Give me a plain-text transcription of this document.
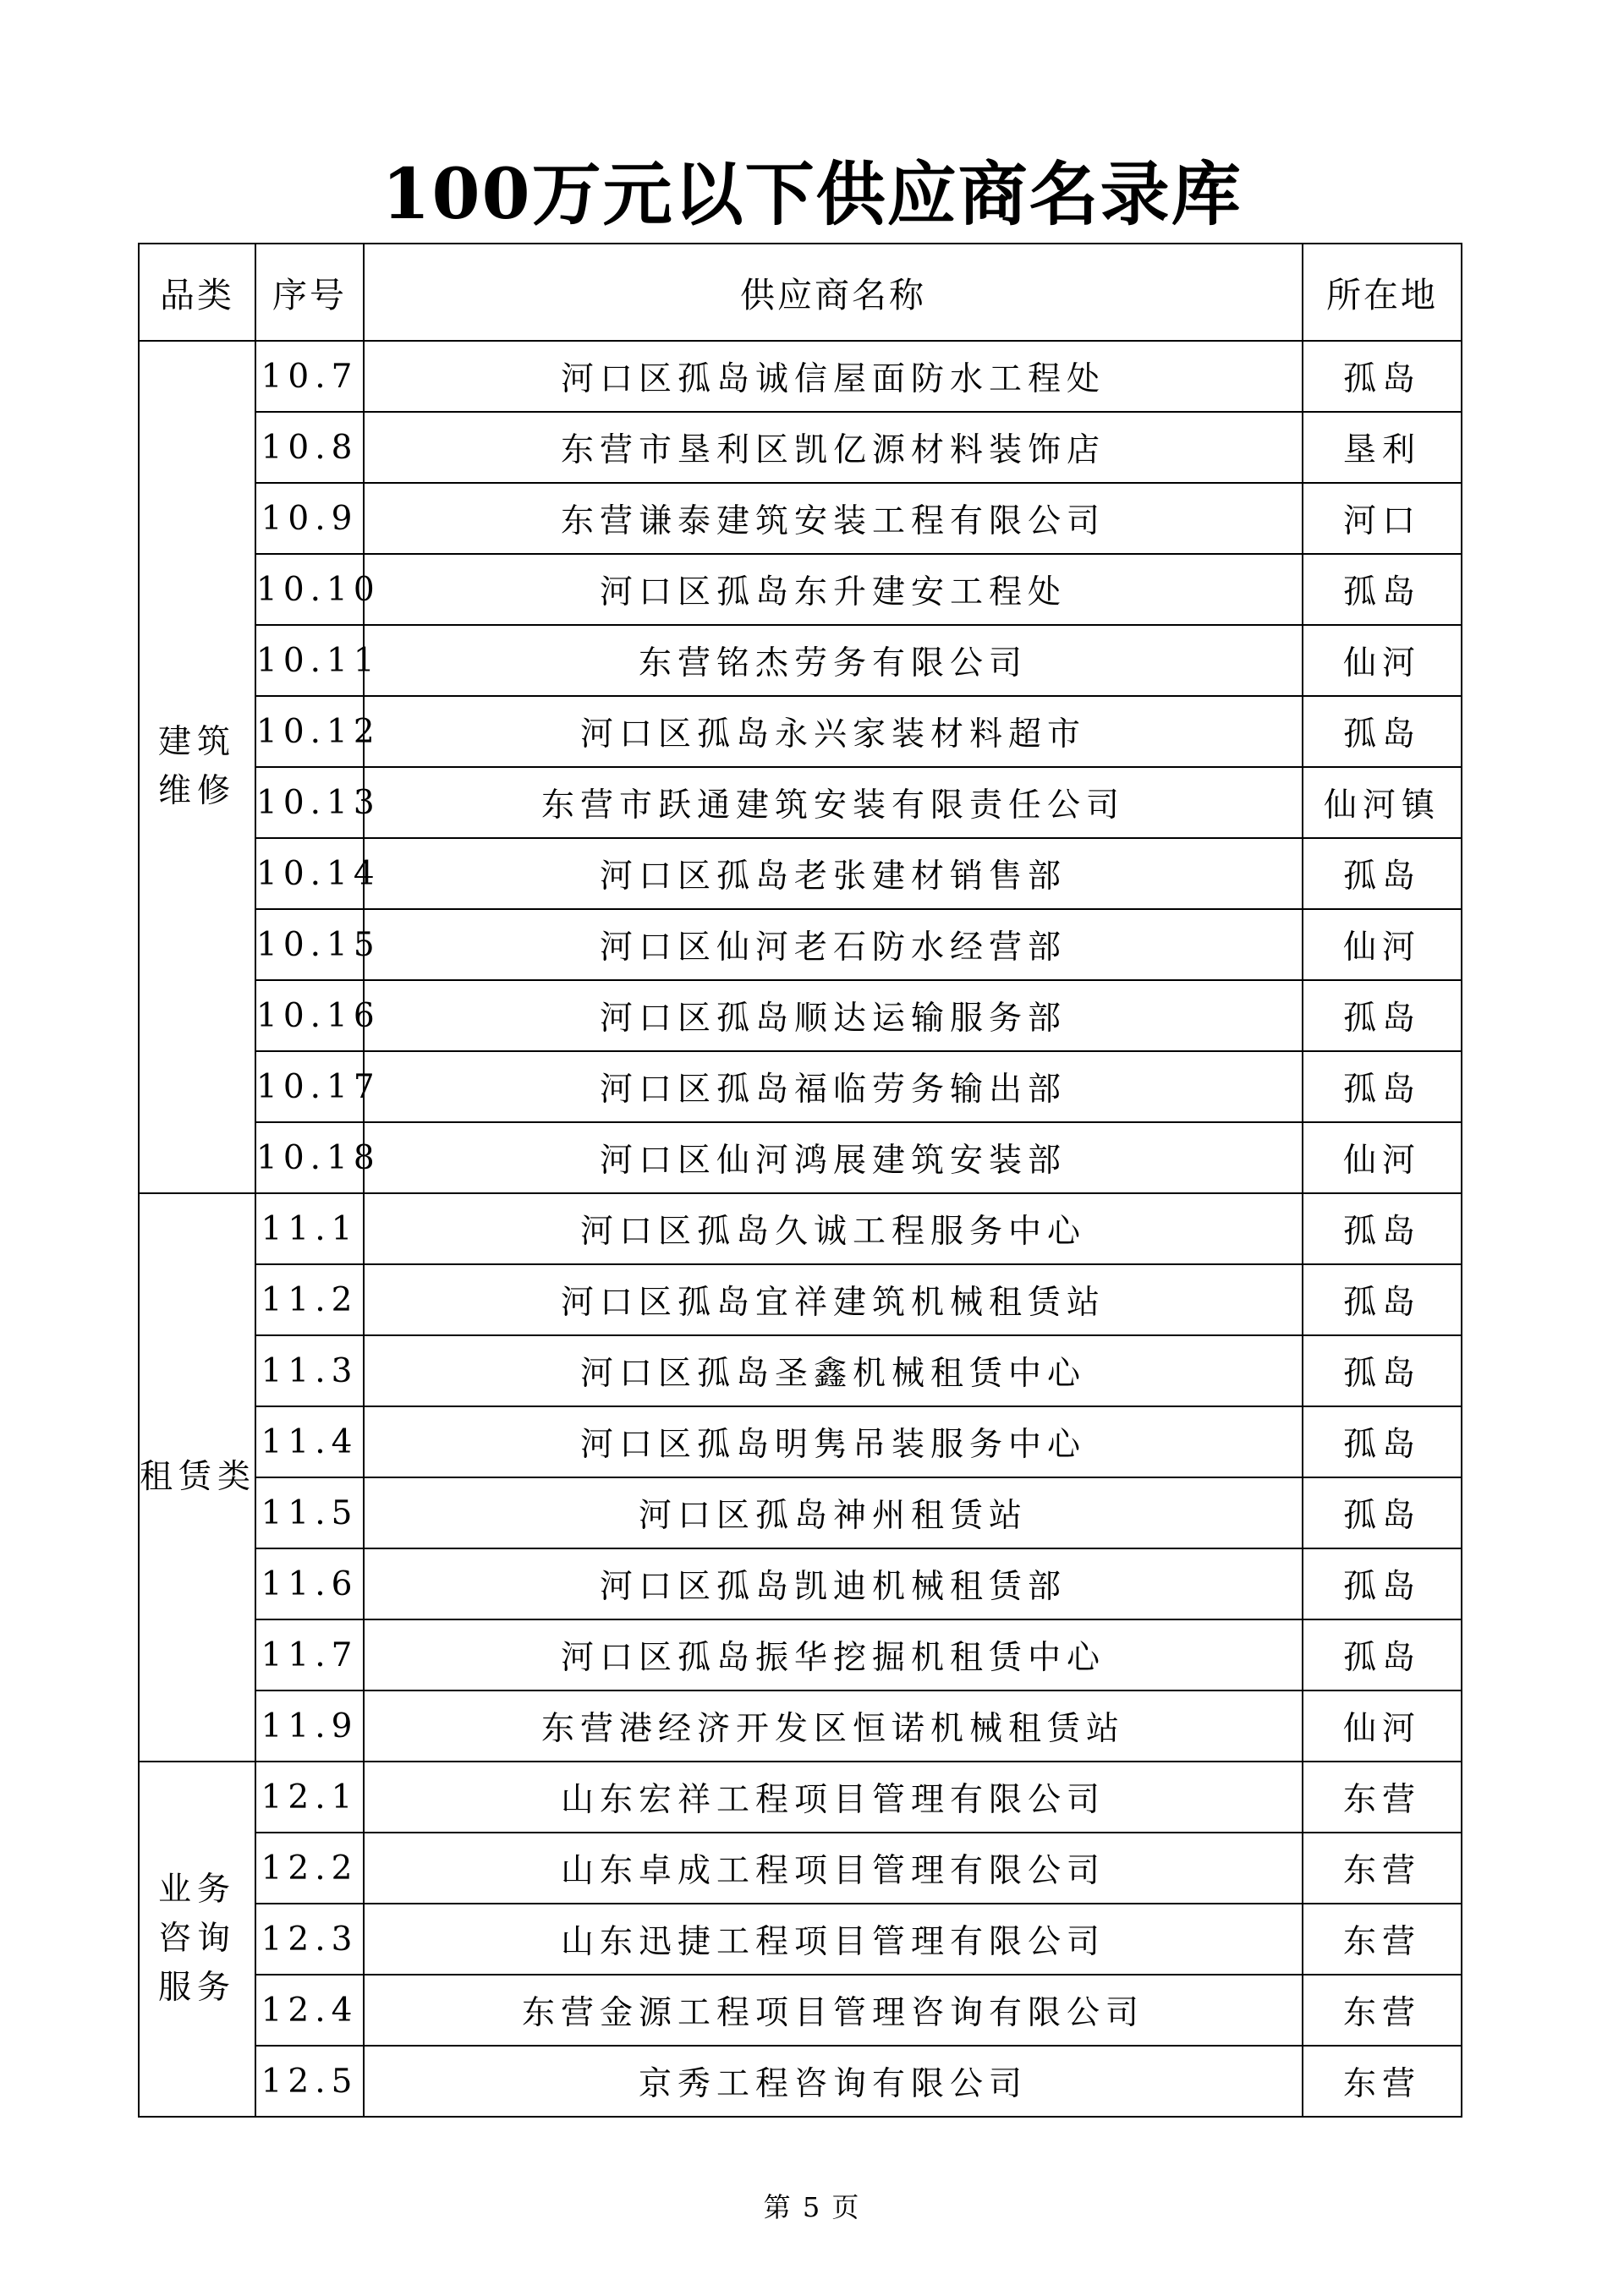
100万元以下供应商名录库
品类	序号	供应商名称	所在地
建筑
维修	10.7	河口区孤岛诚信屋面防水工程处	孤岛
	10.8	东营市垦利区凯亿源材料装饰店	垦利
	10.9	东营谦泰建筑安装工程有限公司	河口
	10.10	河口区孤岛东升建安工程处	孤岛
	10.11	东营铭杰劳务有限公司	仙河
	10.12	河口区孤岛永兴家装材料超市	孤岛
	10.13	东营市跃通建筑安装有限责任公司	仙河镇
	10.14	河口区孤岛老张建材销售部	孤岛
	10.15	河口区仙河老石防水经营部	仙河
	10.16	河口区孤岛顺达运输服务部	孤岛
	10.17	河口区孤岛福临劳务输出部	孤岛
	10.18	河口区仙河鸿展建筑安装部	仙河
租赁类	11.1	河口区孤岛久诚工程服务中心	孤岛
	11.2	河口区孤岛宜祥建筑机械租赁站	孤岛
	11.3	河口区孤岛圣鑫机械租赁中心	孤岛
	11.4	河口区孤岛明隽吊装服务中心	孤岛
	11.5	河口区孤岛神州租赁站	孤岛
	11.6	河口区孤岛凯迪机械租赁部	孤岛
	11.7	河口区孤岛振华挖掘机租赁中心	孤岛
	11.9	东营港经济开发区恒诺机械租赁站	仙河
业务
咨询
服务	12.1	山东宏祥工程项目管理有限公司	东营
	12.2	山东卓成工程项目管理有限公司	东营
	12.3	山东迅捷工程项目管理有限公司	东营
	12.4	东营金源工程项目管理咨询有限公司	东营
	12.5	京秀工程咨询有限公司	东营
第 5 页
